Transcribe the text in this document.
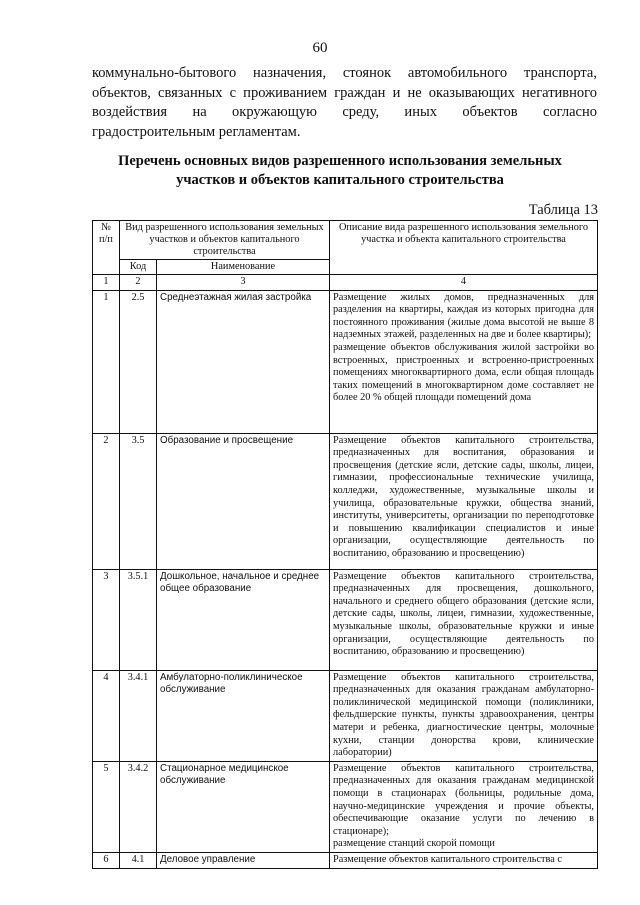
60
коммунально-бытового назначения, стоянок автомобильного транспорта,
объектов, связанных с проживанием граждан и не оказывающих негативного
воздействия на окружающую среду, иных объектов согласно
градостроительным регламентам.
Перечень основных видов разрешенного использования земельных
участков и объектов капитального строительства
Таблица 13
№ п/п	Вид разрешенного использования земельных участков и объектов капитального строительства		Описание вида разрешенного использования земельного участка и объекта капитального строительства
	Код	Наименование	
1	2	3	4
1	2.5	Среднеэтажная жилая застройка	Размещение жилых домов, предназначенных для разделения на квартиры, каждая из которых пригодна для постоянного проживания (жилые дома высотой не выше 8 надземных этажей, разделенных на две и более квартиры);

размещение объектов обслуживания жилой застройки во встроенных, пристроенных и встроенно-пристроенных помещениях многоквартирного дома, если общая площадь таких помещений в многоквартирном доме составляет не более 20 % общей площади помещений дома

2	3.5	Образование и просвещение	Размещение объектов капитального строительства, предназначенных для воспитания, образования и просвещения (детские ясли, детские сады, школы, лицеи, гимназии, профессиональные технические училища, колледжи, художественные, музыкальные школы и училища, образовательные кружки, общества знаний, институты, университеты, организации по переподготовке и повышению квалификации специалистов и иные организации, осуществляющие деятельность по воспитанию, образованию и просвещению)

3	3.5.1	Дошкольное, начальное и среднее общее образование	Размещение объектов капитального строительства, предназначенных для просвещения, дошкольного, начального и среднего общего образования (детские ясли, детские сады, школы, лицеи, гимназии, художественные, музыкальные школы, образовательные кружки и иные организации, осуществляющие деятельность по воспитанию, образованию и просвещению)

4	3.4.1	Амбулаторно-поликлиническое обслуживание	Размещение объектов капитального строительства, предназначенных для оказания гражданам амбулаторно-поликлинической медицинской помощи (поликлиники, фельдшерские пункты, пункты здравоохранения, центры матери и ребенка, диагностические центры, молочные кухни, станции донорства крови, клинические лаборатории)

5	3.4.2	Стационарное медицинское обслуживание	Размещение объектов капитального строительства, предназначенных для оказания гражданам медицинской помощи в стационарах (больницы, родильные дома, научно-медицинские учреждения и прочие объекты, обеспечивающие оказание услуги по лечению в стационаре);

размещение станций скорой помощи

6	4.1	Деловое управление	Размещение объектов капитального строительства с
